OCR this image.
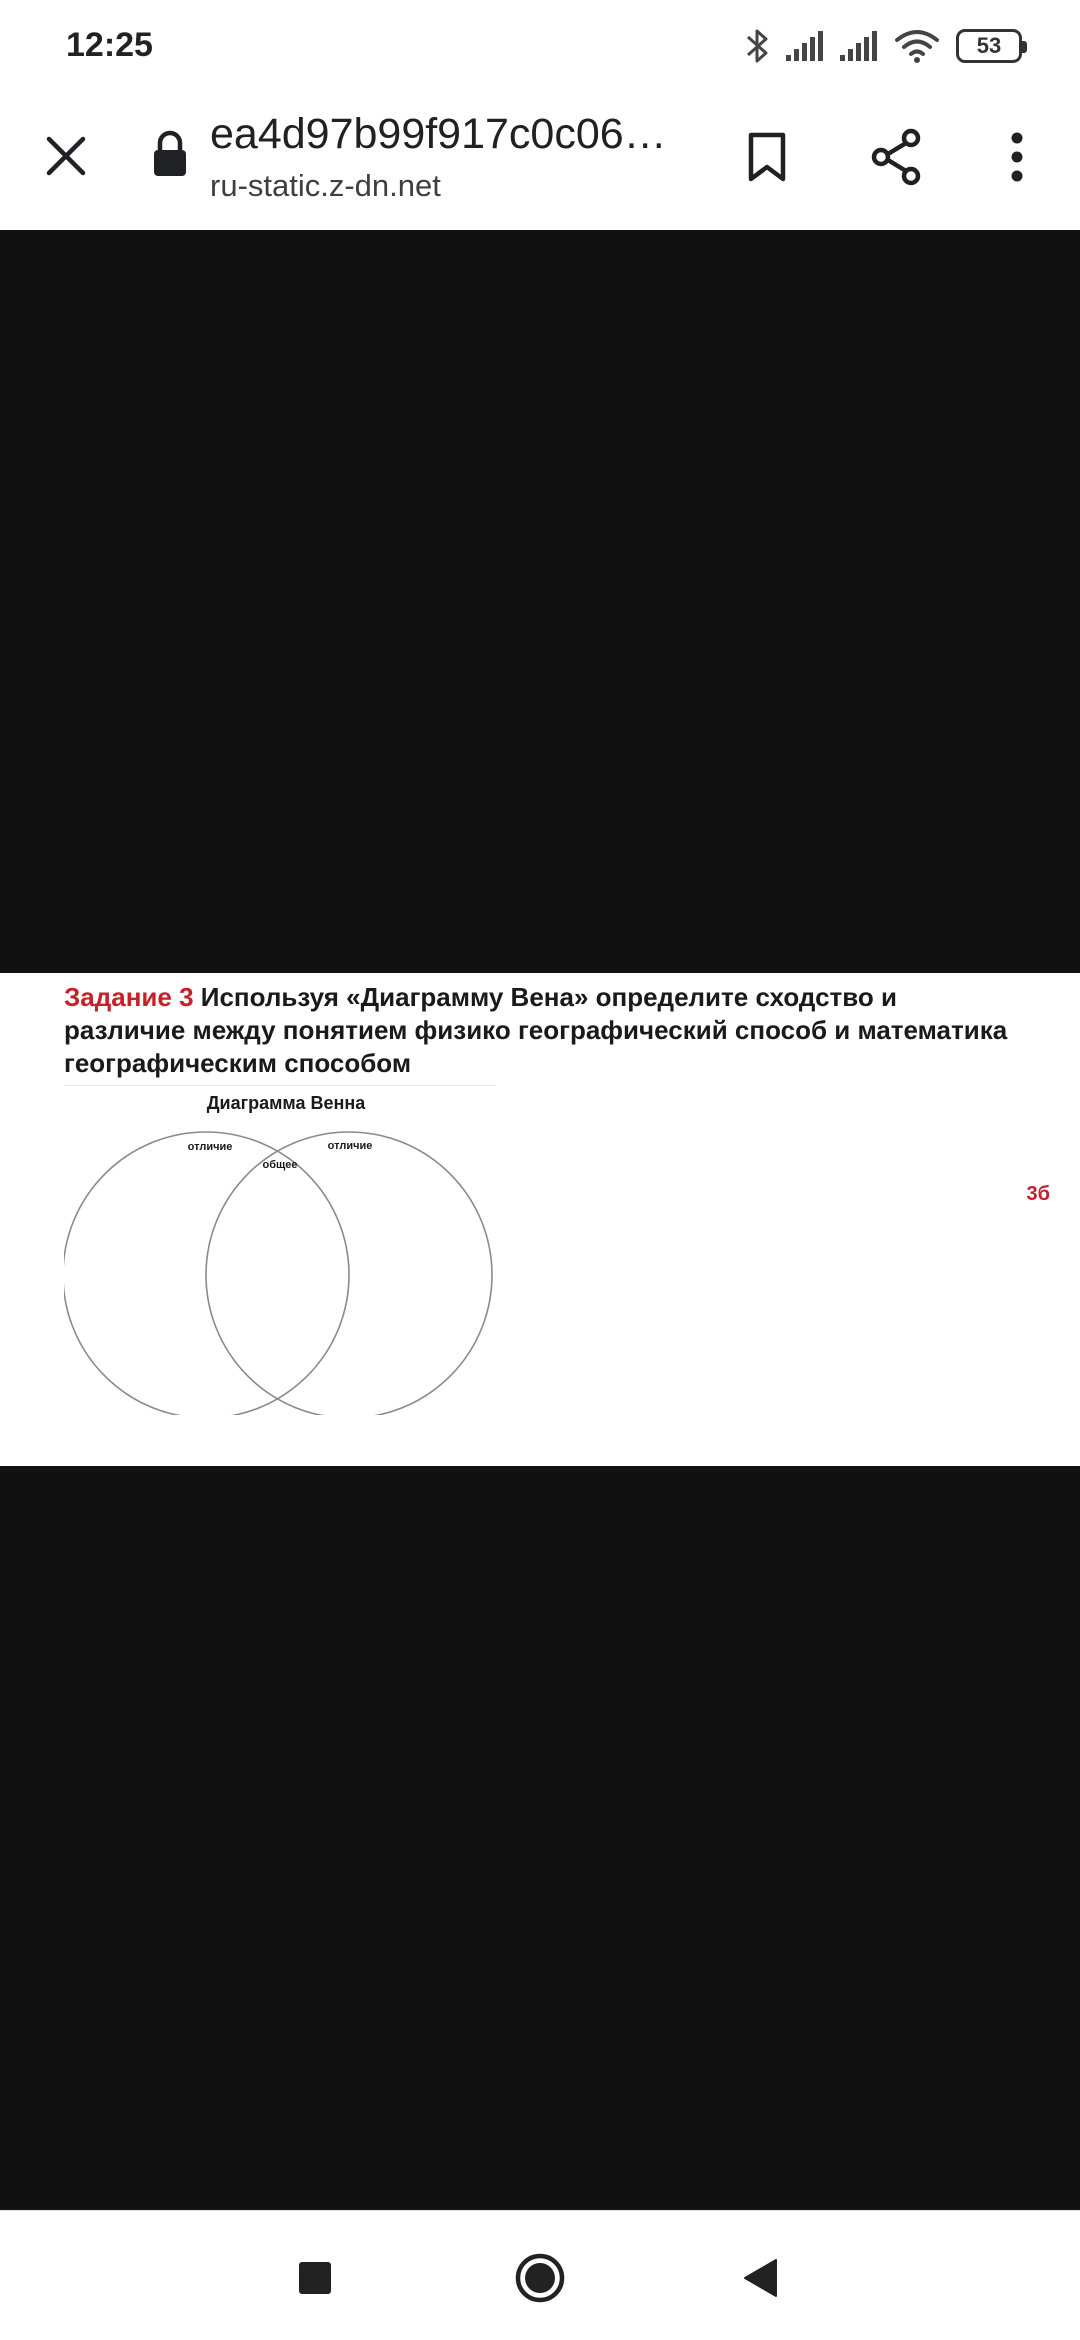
12:25	53
ea4d97b99f917c0c06…
ru-static.z-dn.net
Задание 3 Используя «Диаграмму Вена» определите сходство и различие между понятием физико географический способ и математика географическим способом
Диаграмма Венна
отличие	отличие
общее
3б
